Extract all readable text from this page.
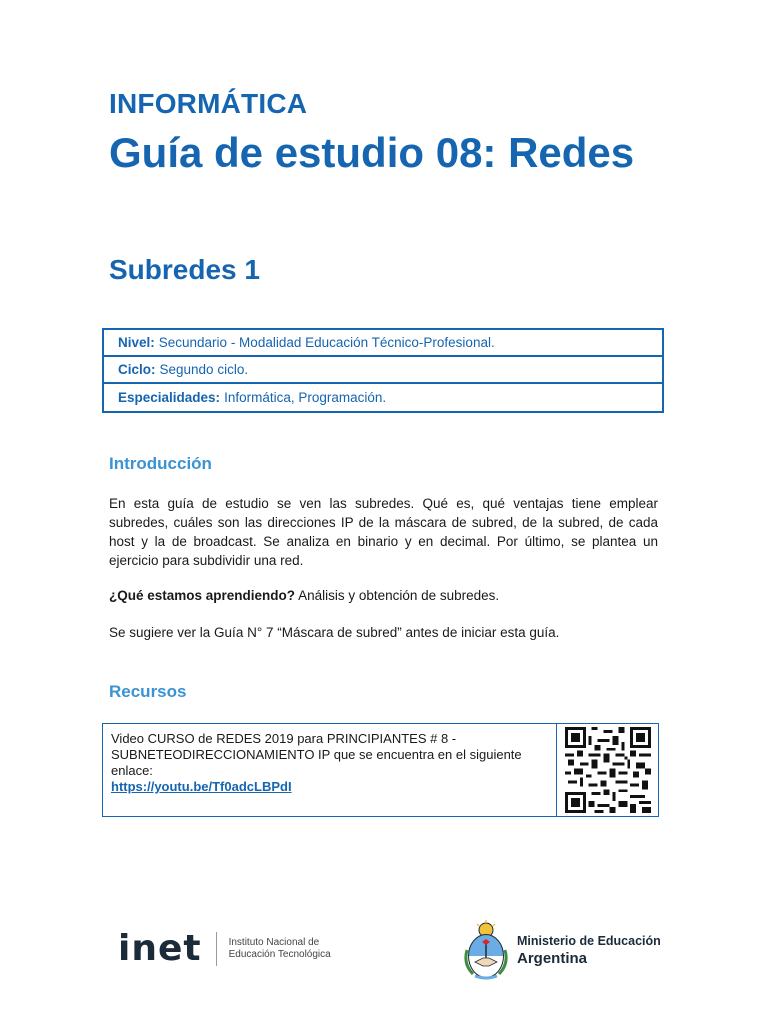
INFORMÁTICA
Guía de estudio 08: Redes
Subredes 1
Nivel: Secundario - Modalidad Educación Técnico-Profesional.
Ciclo: Segundo ciclo.
Especialidades: Informática, Programación.
Introducción

En esta guía de estudio se ven las subredes. Qué es, qué ventajas tiene emplear subredes, cuáles son las direcciones IP de la máscara de subred, de la subred, de cada host y la de broadcast. Se analiza en binario y en decimal. Por último, se plantea un ejercicio para subdividir una red.

¿Qué estamos aprendiendo? Análisis y obtención de subredes.

Se sugiere ver la Guía N° 7 “Máscara de subred” antes de iniciar esta guía.

Recursos
Video CURSO de REDES 2019 para PRINCIPIANTES # 8 - SUBNETEODIRECCIONAMIENTO IP que se encuentra en el siguiente enlace:
https://youtu.be/Tf0adcLBPdI
inet	Instituto Nacional de
Educación Tecnológica
Ministerio de Educación
Argentina
